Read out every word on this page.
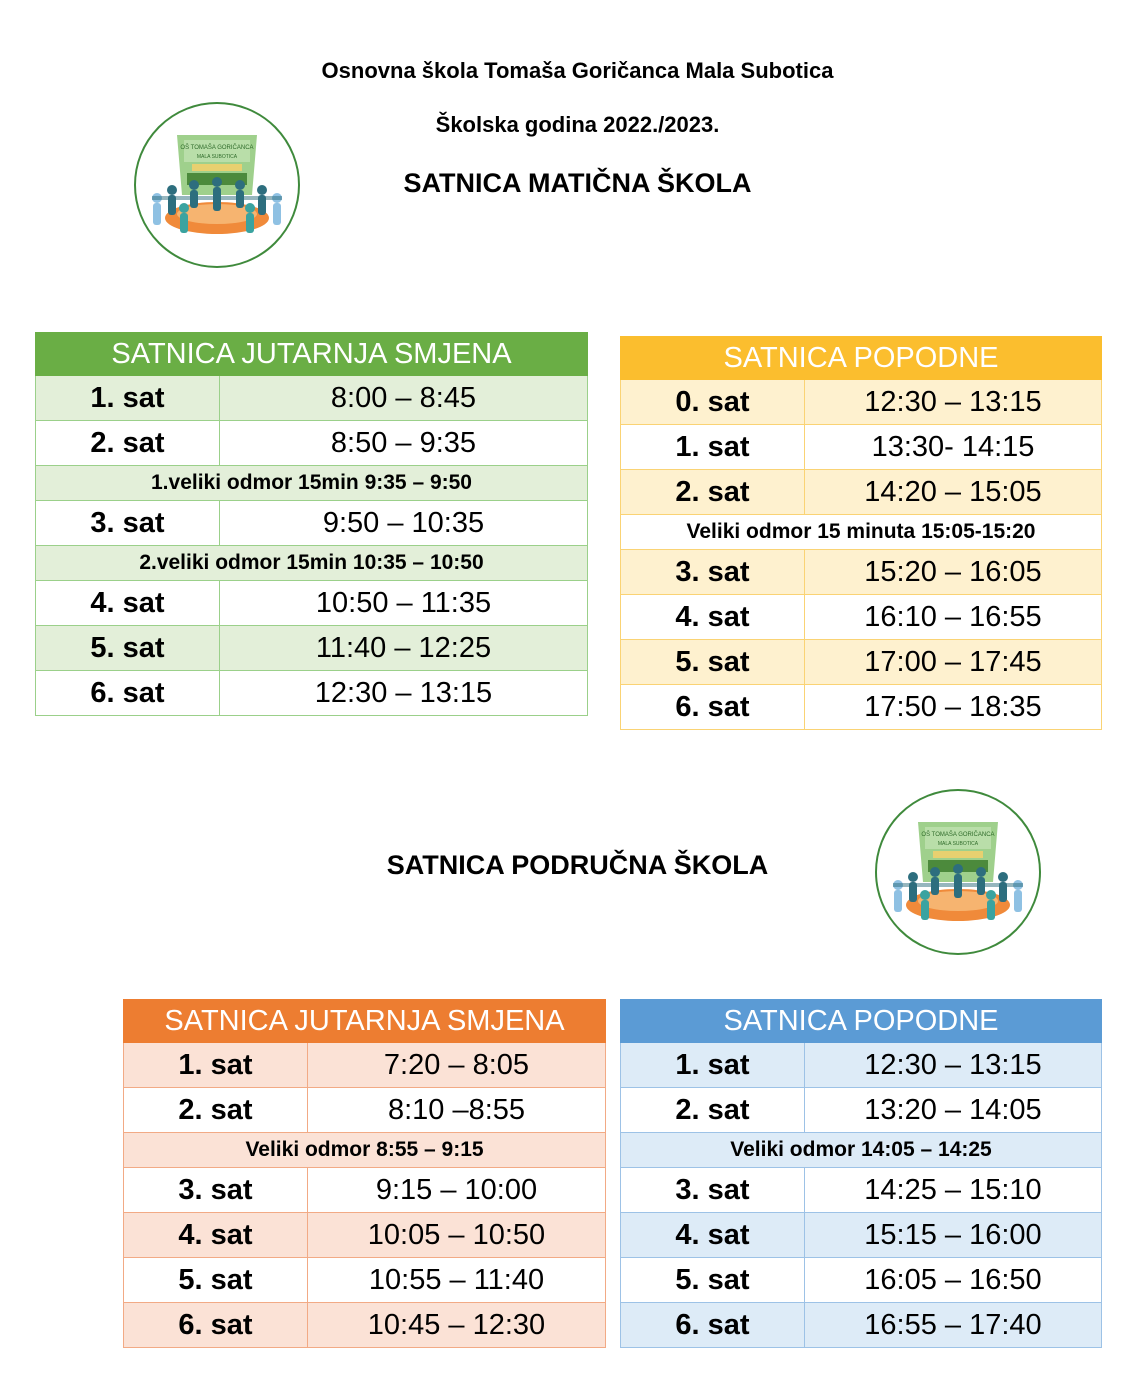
Osnovna škola Tomaša Goričanca Mala Subotica
Školska godina 2022./2023.
SATNICA MATIČNA ŠKOLA
SATNICA PODRUČNA ŠKOLA
OŠ TOMAŠA GORIČANCA
MALA SUBOTICA
OŠ TOMAŠA GORIČANCA
MALA SUBOTICA
SATNICA JUTARNJA SMJENA	
1. sat	8:00 – 8:45
2. sat	8:50 – 9:35
1.veliki odmor 15min 9:35 – 9:50	
3. sat	9:50 – 10:35
2.veliki odmor 15min 10:35 – 10:50	
4. sat	10:50 – 11:35
5. sat	11:40 – 12:25
6. sat	12:30 – 13:15
SATNICA POPODNE	
0. sat	12:30 – 13:15
1. sat	13:30- 14:15
2. sat	14:20 – 15:05
Veliki odmor 15 minuta 15:05-15:20	
3. sat	15:20 – 16:05
4. sat	16:10 – 16:55
5. sat	17:00 – 17:45
6. sat	17:50 – 18:35
SATNICA JUTARNJA SMJENA	
1. sat	7:20 – 8:05
2. sat	8:10 –8:55
Veliki odmor 8:55 – 9:15	
3. sat	9:15 – 10:00
4. sat	10:05 – 10:50
5. sat	10:55 – 11:40
6. sat	10:45 – 12:30
SATNICA POPODNE	
1. sat	12:30 – 13:15
2. sat	13:20 – 14:05
Veliki odmor 14:05 – 14:25	
3. sat	14:25 – 15:10
4. sat	15:15 – 16:00
5. sat	16:05 – 16:50
6. sat	16:55 – 17:40
